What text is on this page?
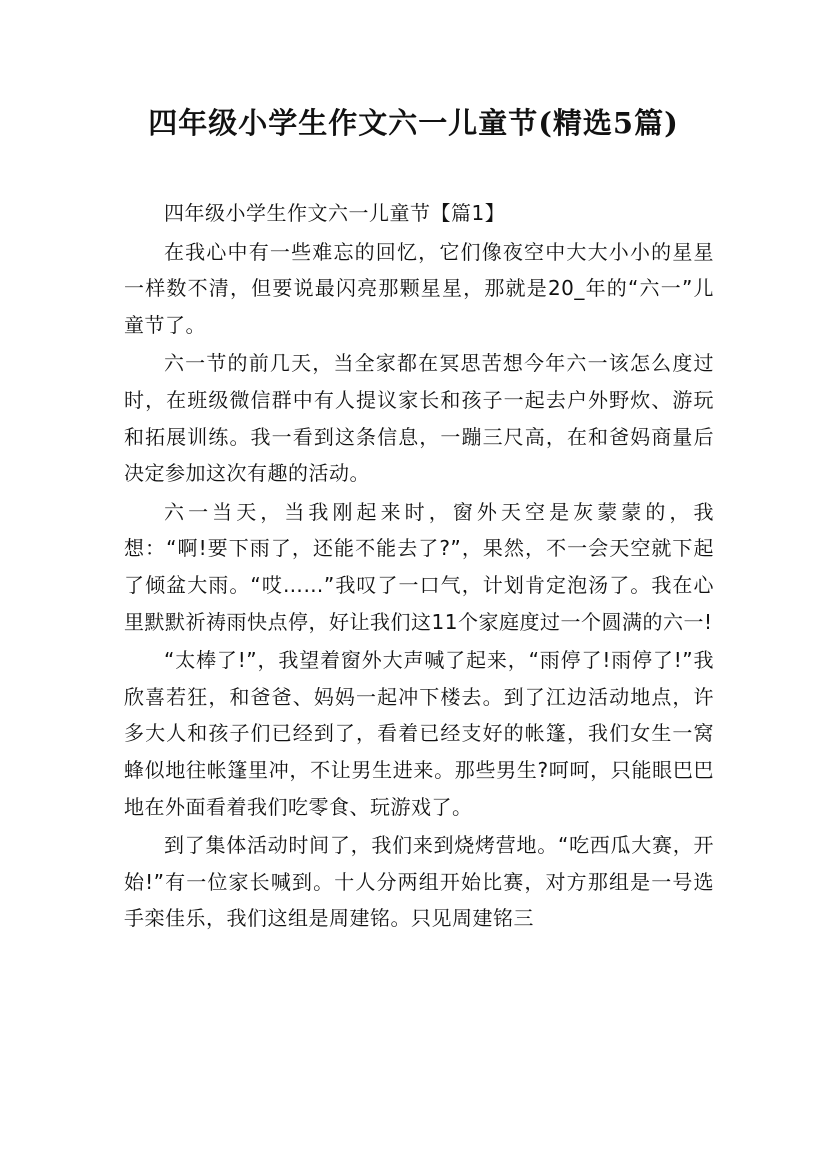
四年级小学生作文六一儿童节(精选5篇)

四年级小学生作文六一儿童节【篇1】

在我心中有一些难忘的回忆，它们像夜空中大大小小的星星一样数不清，但要说最闪亮那颗星星，那就是20_年的“六一”儿童节了。

六一节的前几天，当全家都在冥思苦想今年六一该怎么度过时，在班级微信群中有人提议家长和孩子一起去户外野炊、游玩和拓展训练。我一看到这条信息，一蹦三尺高，在和爸妈商量后决定参加这次有趣的活动。

六一当天，当我刚起来时，窗外天空是灰蒙蒙的，我想：“啊!要下雨了，还能不能去了?”，果然，不一会天空就下起了倾盆大雨。“哎……”我叹了一口气，计划肯定泡汤了。我在心里默默祈祷雨快点停，好让我们这11个家庭度过一个圆满的六一!

“太棒了!”，我望着窗外大声喊了起来，“雨停了!雨停了!”我欣喜若狂，和爸爸、妈妈一起冲下楼去。到了江边活动地点，许多大人和孩子们已经到了，看着已经支好的帐篷，我们女生一窝蜂似地往帐篷里冲，不让男生进来。那些男生?呵呵，只能眼巴巴地在外面看着我们吃零食、玩游戏了。

到了集体活动时间了，我们来到烧烤营地。“吃西瓜大赛，开始!”有一位家长喊到。十人分两组开始比赛，对方那组是一号选手栾佳乐，我们这组是周建铭。只见周建铭三
